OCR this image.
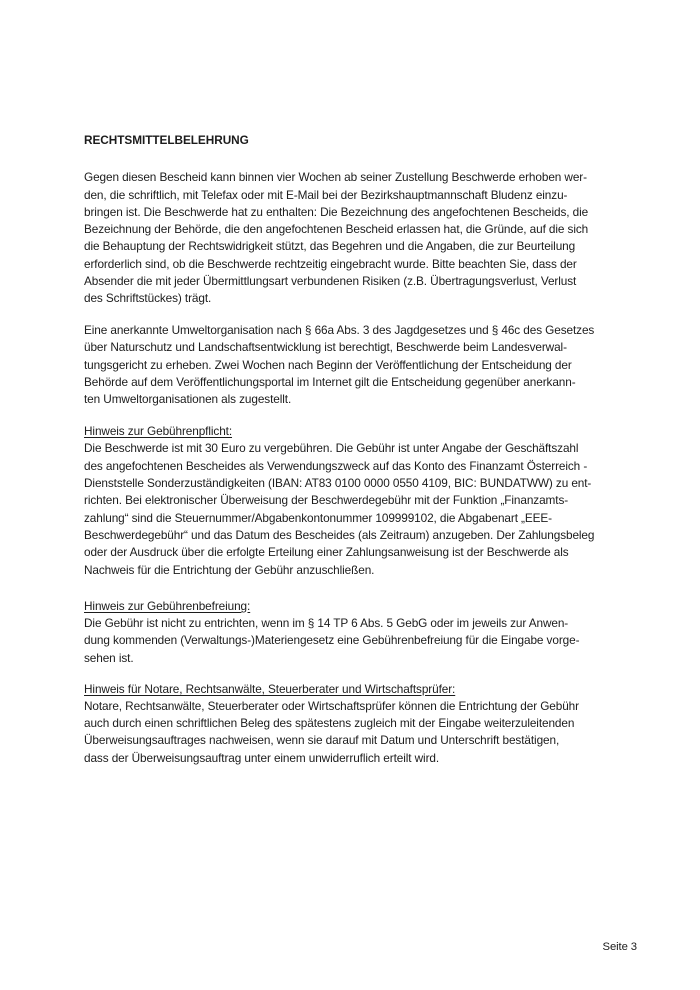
RECHTSMITTELBELEHRUNG
Gegen diesen Bescheid kann binnen vier Wochen ab seiner Zustellung Beschwerde erhoben wer-
den, die schriftlich, mit Telefax oder mit E-Mail bei der Bezirkshauptmannschaft Bludenz einzu-
bringen ist. Die Beschwerde hat zu enthalten: Die Bezeichnung des angefochtenen Bescheids, die
Bezeichnung der Behörde, die den angefochtenen Bescheid erlassen hat, die Gründe, auf die sich
die Behauptung der Rechtswidrigkeit stützt, das Begehren und die Angaben, die zur Beurteilung
erforderlich sind, ob die Beschwerde rechtzeitig eingebracht wurde. Bitte beachten Sie, dass der
Absender die mit jeder Übermittlungsart verbundenen Risiken (z.B. Übertragungsverlust, Verlust
des Schriftstückes) trägt.
Eine anerkannte Umweltorganisation nach § 66a Abs. 3 des Jagdgesetzes und § 46c des Gesetzes
über Naturschutz und Landschaftsentwicklung ist berechtigt, Beschwerde beim Landesverwal-
tungsgericht zu erheben. Zwei Wochen nach Beginn der Veröffentlichung der Entscheidung der
Behörde auf dem Veröffentlichungsportal im Internet gilt die Entscheidung gegenüber anerkann-
ten Umweltorganisationen als zugestellt.
Hinweis zur Gebührenpflicht:
Die Beschwerde ist mit 30 Euro zu vergebühren. Die Gebühr ist unter Angabe der Geschäftszahl
des angefochtenen Bescheides als Verwendungszweck auf das Konto des Finanzamt Österreich -
Dienststelle Sonderzuständigkeiten (IBAN: AT83 0100 0000 0550 4109, BIC: BUNDATWW) zu ent-
richten. Bei elektronischer Überweisung der Beschwerdegebühr mit der Funktion „Finanzamts-
zahlung“ sind die Steuernummer/Abgabenkontonummer 109999102, die Abgabenart „EEE-
Beschwerdegebühr“ und das Datum des Bescheides (als Zeitraum) anzugeben. Der Zahlungsbeleg
oder der Ausdruck über die erfolgte Erteilung einer Zahlungsanweisung ist der Beschwerde als
Nachweis für die Entrichtung der Gebühr anzuschließen.
Hinweis zur Gebührenbefreiung:
Die Gebühr ist nicht zu entrichten, wenn im § 14 TP 6 Abs. 5 GebG oder im jeweils zur Anwen-
dung kommenden (Verwaltungs-)Materiengesetz eine Gebührenbefreiung für die Eingabe vorge-
sehen ist.
Hinweis für Notare, Rechtsanwälte, Steuerberater und Wirtschaftsprüfer:
Notare, Rechtsanwälte, Steuerberater oder Wirtschaftsprüfer können die Entrichtung der Gebühr
auch durch einen schriftlichen Beleg des spätestens zugleich mit der Eingabe weiterzuleitenden
Überweisungsauftrages nachweisen, wenn sie darauf mit Datum und Unterschrift bestätigen,
dass der Überweisungsauftrag unter einem unwiderruflich erteilt wird.
Seite 3
